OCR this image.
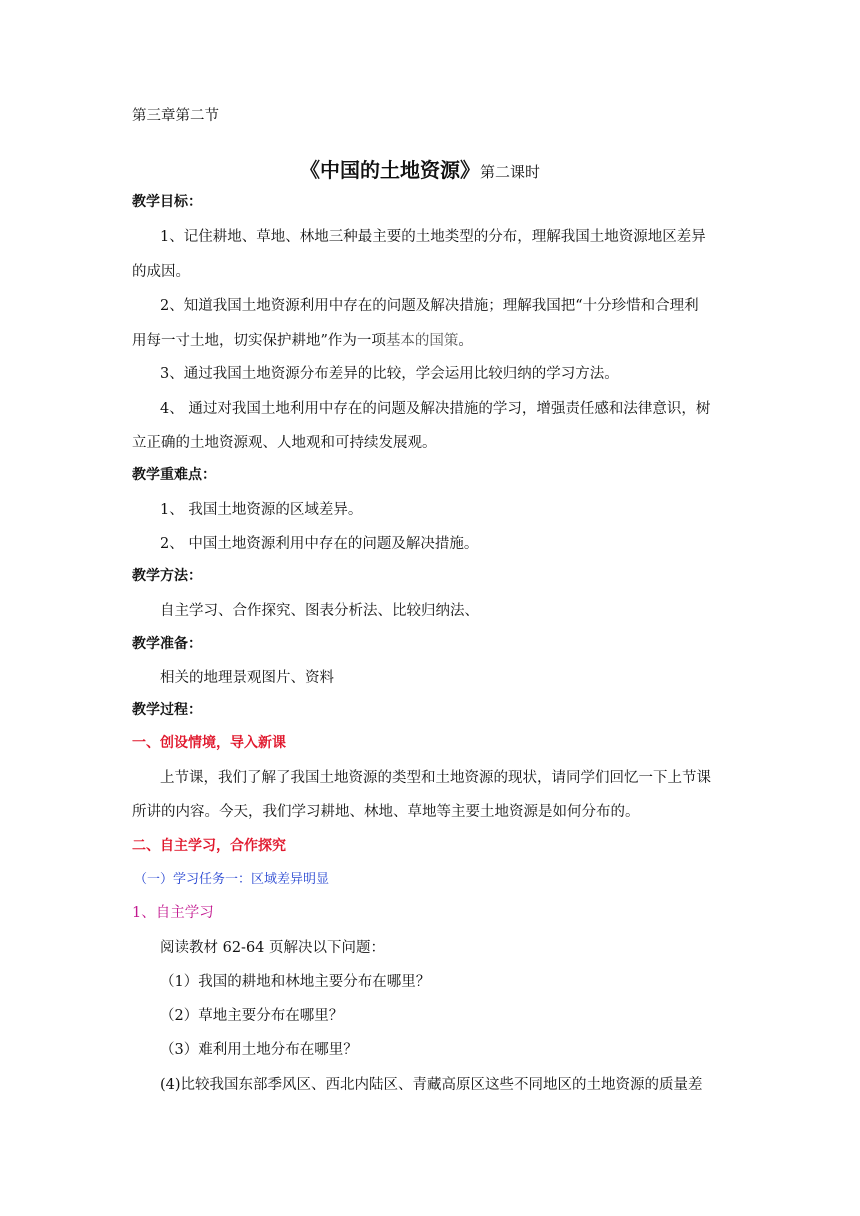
第三章第二节
《中国的土地资源》第二课时
教学目标：
1、记住耕地、草地、林地三种最主要的土地类型的分布，理解我国土地资源地区差异
的成因。
2、知道我国土地资源利用中存在的问题及解决措施；理解我国把“十分珍惜和合理利
用每一寸土地，切实保护耕地”作为一项基本的国策。
3、通过我国土地资源分布差异的比较，学会运用比较归纳的学习方法。
4、 通过对我国土地利用中存在的问题及解决措施的学习，增强责任感和法律意识，树
立正确的土地资源观、人地观和可持续发展观。
教学重难点：
1、 我国土地资源的区域差异。
2、 中国土地资源利用中存在的问题及解决措施。
教学方法：
自主学习、合作探究、图表分析法、比较归纳法、
教学准备：
相关的地理景观图片、资料
教学过程：
一、创设情境，导入新课
上节课，我们了解了我国土地资源的类型和土地资源的现状，请同学们回忆一下上节课
所讲的内容。今天，我们学习耕地、林地、草地等主要土地资源是如何分布的。
二、自主学习，合作探究
（一）学习任务一：区域差异明显
1、自主学习
阅读教材 62-64 页解决以下问题：
（1）我国的耕地和林地主要分布在哪里？
（2）草地主要分布在哪里？
（3）难利用土地分布在哪里？
(4)比较我国东部季风区、西北内陆区、青藏高原区这些不同地区的土地资源的质量差
